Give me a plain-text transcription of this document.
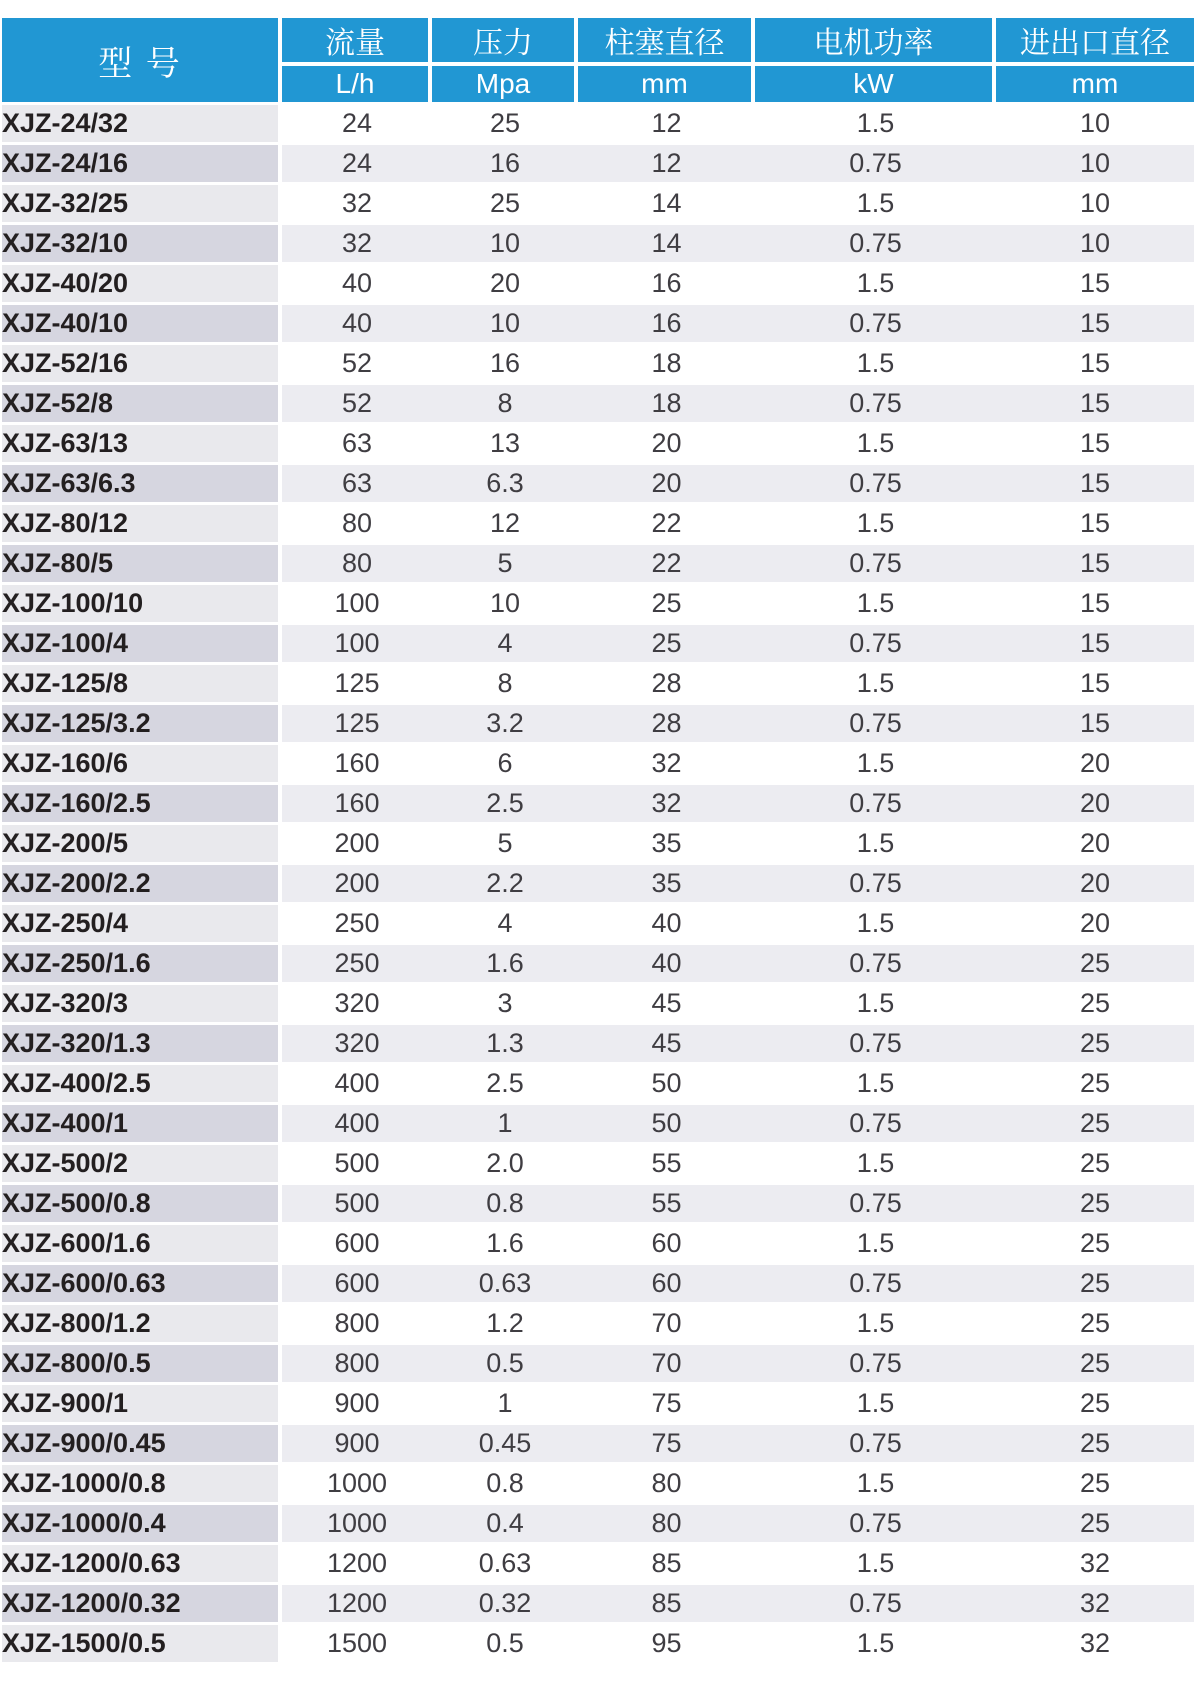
型 号	流量	压力	柱塞直径	电机功率	进出口直径
	L/h	Mpa	mm	kW	mm
XJZ-24/32	24	25	12	1.5	10
XJZ-24/16	24	16	12	0.75	10
XJZ-32/25	32	25	14	1.5	10
XJZ-32/10	32	10	14	0.75	10
XJZ-40/20	40	20	16	1.5	15
XJZ-40/10	40	10	16	0.75	15
XJZ-52/16	52	16	18	1.5	15
XJZ-52/8	52	8	18	0.75	15
XJZ-63/13	63	13	20	1.5	15
XJZ-63/6.3	63	6.3	20	0.75	15
XJZ-80/12	80	12	22	1.5	15
XJZ-80/5	80	5	22	0.75	15
XJZ-100/10	100	10	25	1.5	15
XJZ-100/4	100	4	25	0.75	15
XJZ-125/8	125	8	28	1.5	15
XJZ-125/3.2	125	3.2	28	0.75	15
XJZ-160/6	160	6	32	1.5	20
XJZ-160/2.5	160	2.5	32	0.75	20
XJZ-200/5	200	5	35	1.5	20
XJZ-200/2.2	200	2.2	35	0.75	20
XJZ-250/4	250	4	40	1.5	20
XJZ-250/1.6	250	1.6	40	0.75	25
XJZ-320/3	320	3	45	1.5	25
XJZ-320/1.3	320	1.3	45	0.75	25
XJZ-400/2.5	400	2.5	50	1.5	25
XJZ-400/1	400	1	50	0.75	25
XJZ-500/2	500	2.0	55	1.5	25
XJZ-500/0.8	500	0.8	55	0.75	25
XJZ-600/1.6	600	1.6	60	1.5	25
XJZ-600/0.63	600	0.63	60	0.75	25
XJZ-800/1.2	800	1.2	70	1.5	25
XJZ-800/0.5	800	0.5	70	0.75	25
XJZ-900/1	900	1	75	1.5	25
XJZ-900/0.45	900	0.45	75	0.75	25
XJZ-1000/0.8	1000	0.8	80	1.5	25
XJZ-1000/0.4	1000	0.4	80	0.75	25
XJZ-1200/0.63	1200	0.63	85	1.5	32
XJZ-1200/0.32	1200	0.32	85	0.75	32
XJZ-1500/0.5	1500	0.5	95	1.5	32
